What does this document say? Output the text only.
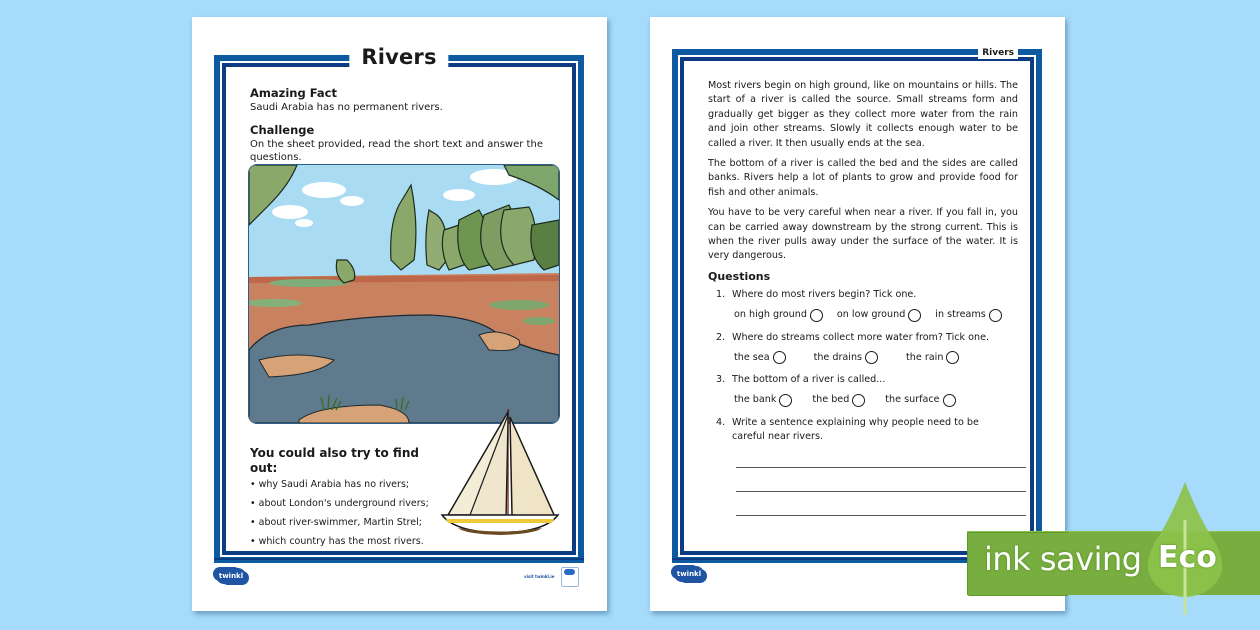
Rivers
Amazing Fact

Saudi Arabia has no permanent rivers.

Challenge

On the sheet provided, read the short text and answer the questions.

You could also try to find out:
• why Saudi Arabia has no rivers;
• about London's underground rivers;
• about river-swimmer, Martin Strel;
• which country has the most rivers.
twinkl	visit twinkl.ie
Rivers

Most rivers begin on high ground, like on mountains or hills. The start of a river is called the source. Small streams form and gradually get bigger as they collect more water from the rain and join other streams. Slowly it collects enough water to be called a river. It then usually ends at the sea.

The bottom of a river is called the bed and the sides are called banks. Rivers help a lot of plants to grow and provide food for fish and other animals.

You have to be very careful when near a river. If you fall in, you can be carried away downstream by the strong current. This is when the river pulls away under the surface of the water. It is very dangerous.

Questions
1. Where do most rivers begin? Tick one.
on high ground	on low ground	in streams
2. Where do streams collect more water from? Tick one.
the sea	the drains	the rain
3. The bottom of a river is called...
the bank	the bed	the surface
4. Write a sentence explaining why people need to be careful near rivers.
twinkl	ink saving Eco
